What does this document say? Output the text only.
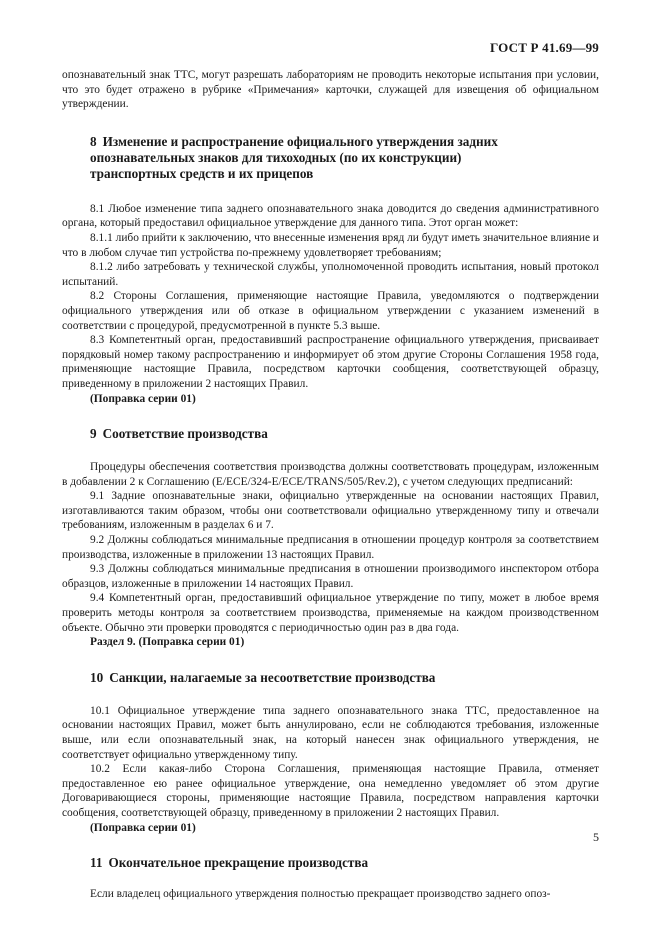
ГОСТ Р 41.69—99

опознавательный знак ТТС, могут разрешать лабораториям не проводить некоторые испытания при условии, что это будет отражено в рубрике «Примечания» карточки, служащей для извещения об официальном утверждении.

8 Изменение и распространение официального утверждения задних опознавательных знаков для тихоходных (по их конструкции) транспортных средств и их прицепов

8.1 Любое изменение типа заднего опознавательного знака доводится до сведения административного органа, который предоставил официальное утверждение для данного типа. Этот орган может:

8.1.1 либо прийти к заключению, что внесенные изменения вряд ли будут иметь значительное влияние и что в любом случае тип устройства по-прежнему удовлетворяет требованиям;

8.1.2 либо затребовать у технической службы, уполномоченной проводить испытания, новый протокол испытаний.

8.2 Стороны Соглашения, применяющие настоящие Правила, уведомляются о подтверждении официального утверждения или об отказе в официальном утверждении с указанием изменений в соответствии с процедурой, предусмотренной в пункте 5.3 выше.

8.3 Компетентный орган, предоставивший распространение официального утверждения, присваивает порядковый номер такому распространению и информирует об этом другие Стороны Соглашения 1958 года, применяющие настоящие Правила, посредством карточки сообщения, соответствующей образцу, приведенному в приложении 2 настоящих Правил.

(Поправка серии 01)

9 Соответствие производства

Процедуры обеспечения соответствия производства должны соответствовать процедурам, изложенным в добавлении 2 к Соглашению (E/ECE/324-E/ECE/TRANS/505/Rev.2), с учетом следующих предписаний:

9.1 Задние опознавательные знаки, официально утвержденные на основании настоящих Правил, изготавливаются таким образом, чтобы они соответствовали официально утвержденному типу и отвечали требованиям, изложенным в разделах 6 и 7.

9.2 Должны соблюдаться минимальные предписания в отношении процедур контроля за соответствием производства, изложенные в приложении 13 настоящих Правил.

9.3 Должны соблюдаться минимальные предписания в отношении производимого инспектором отбора образцов, изложенные в приложении 14 настоящих Правил.

9.4 Компетентный орган, предоставивший официальное утверждение по типу, может в любое время проверить методы контроля за соответствием производства, применяемые на каждом производственном объекте. Обычно эти проверки проводятся с периодичностью один раз в два года.

Раздел 9. (Поправка серии 01)

10 Санкции, налагаемые за несоответствие производства

10.1 Официальное утверждение типа заднего опознавательного знака ТТС, предоставленное на основании настоящих Правил, может быть аннулировано, если не соблюдаются требования, изложенные выше, или если опознавательный знак, на который нанесен знак официального утверждения, не соответствует официально утвержденному типу.

10.2 Если какая-либо Сторона Соглашения, применяющая настоящие Правила, отменяет предоставленное ею ранее официальное утверждение, она немедленно уведомляет об этом другие Договаривающиеся стороны, применяющие настоящие Правила, посредством направления карточки сообщения, соответствующей образцу, приведенному в приложении 2 настоящих Правил.

(Поправка серии 01)

11 Окончательное прекращение производства

Если владелец официального утверждения полностью прекращает производство заднего опоз-

5
